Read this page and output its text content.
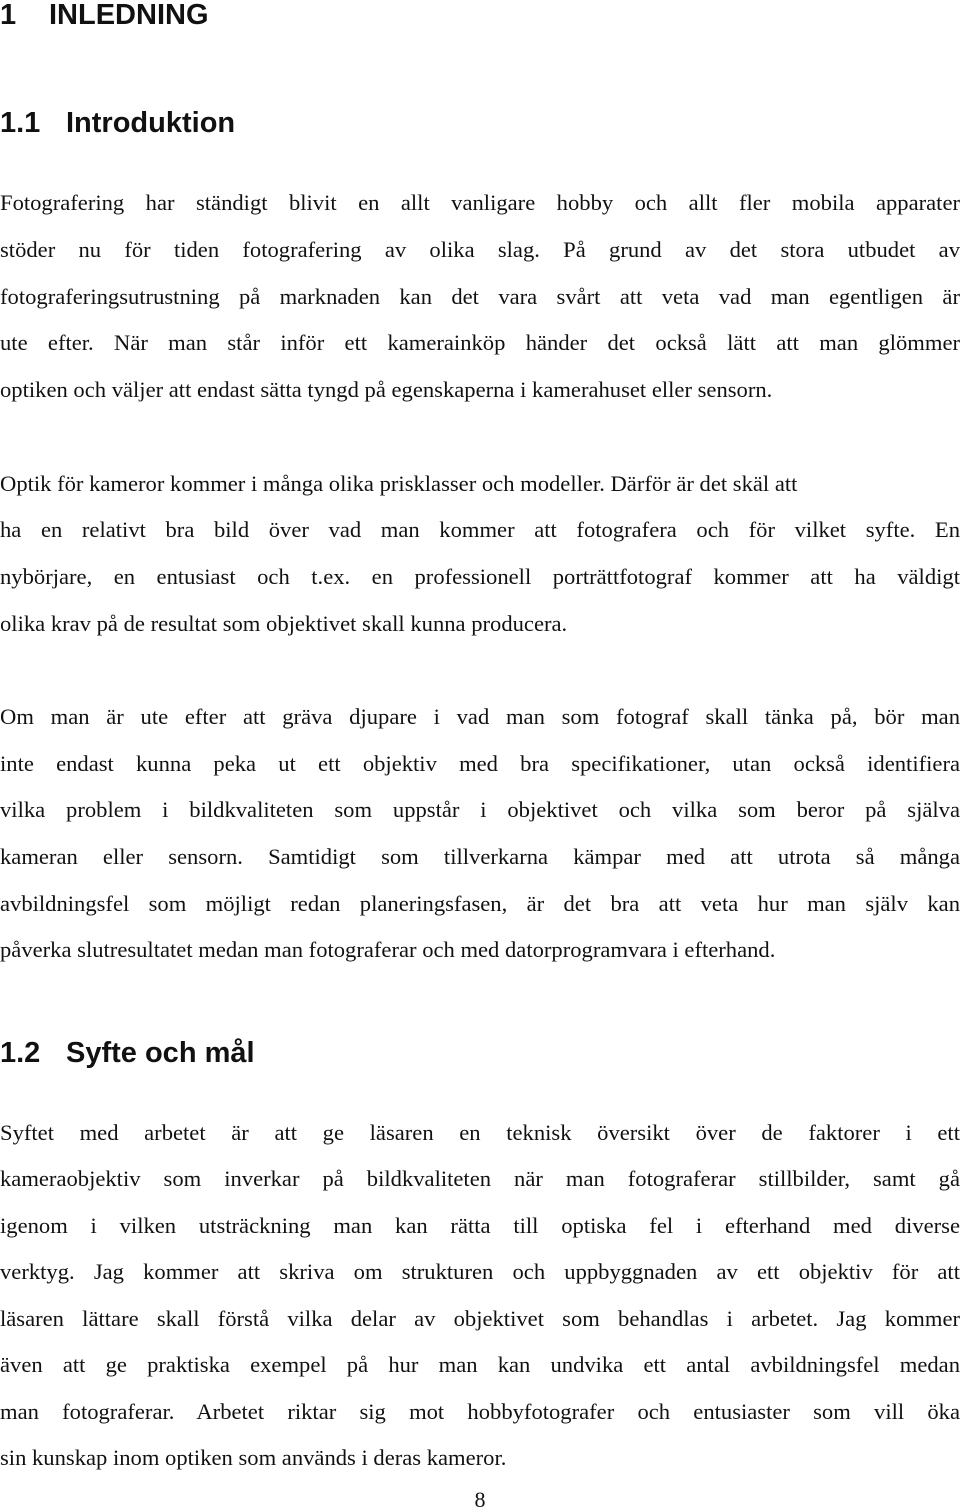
1 INLEDNING
1.1 Introduktion

Fotografering har ständigt blivit en allt vanligare hobby och allt fler mobila apparater

stöder nu för tiden fotografering av olika slag. På grund av det stora utbudet av

fotograferingsutrustning på marknaden kan det vara svårt att veta vad man egentligen är

ute efter. När man står inför ett kamerainköp händer det också lätt att man glömmer

optiken och väljer att endast sätta tyngd på egenskaperna i kamerahuset eller sensorn.

Optik för kameror kommer i många olika prisklasser och modeller. Därför är det skäl att

ha en relativt bra bild över vad man kommer att fotografera och för vilket syfte. En

nybörjare, en entusiast och t.ex. en professionell porträttfotograf kommer att ha väldigt

olika krav på de resultat som objektivet skall kunna producera.

Om man är ute efter att gräva djupare i vad man som fotograf skall tänka på, bör man

inte endast kunna peka ut ett objektiv med bra specifikationer, utan också identifiera

vilka problem i bildkvaliteten som uppstår i objektivet och vilka som beror på själva

kameran eller sensorn. Samtidigt som tillverkarna kämpar med att utrota så många

avbildningsfel som möjligt redan planeringsfasen, är det bra att veta hur man själv kan

påverka slutresultatet medan man fotograferar och med datorprogramvara i efterhand.

1.2 Syfte och mål

Syftet med arbetet är att ge läsaren en teknisk översikt över de faktorer i ett

kameraobjektiv som inverkar på bildkvaliteten när man fotograferar stillbilder, samt gå

igenom i vilken utsträckning man kan rätta till optiska fel i efterhand med diverse

verktyg. Jag kommer att skriva om strukturen och uppbyggnaden av ett objektiv för att

läsaren lättare skall förstå vilka delar av objektivet som behandlas i arbetet. Jag kommer

även att ge praktiska exempel på hur man kan undvika ett antal avbildningsfel medan

man fotograferar. Arbetet riktar sig mot hobbyfotografer och entusiaster som vill öka

sin kunskap inom optiken som används i deras kameror.

8
